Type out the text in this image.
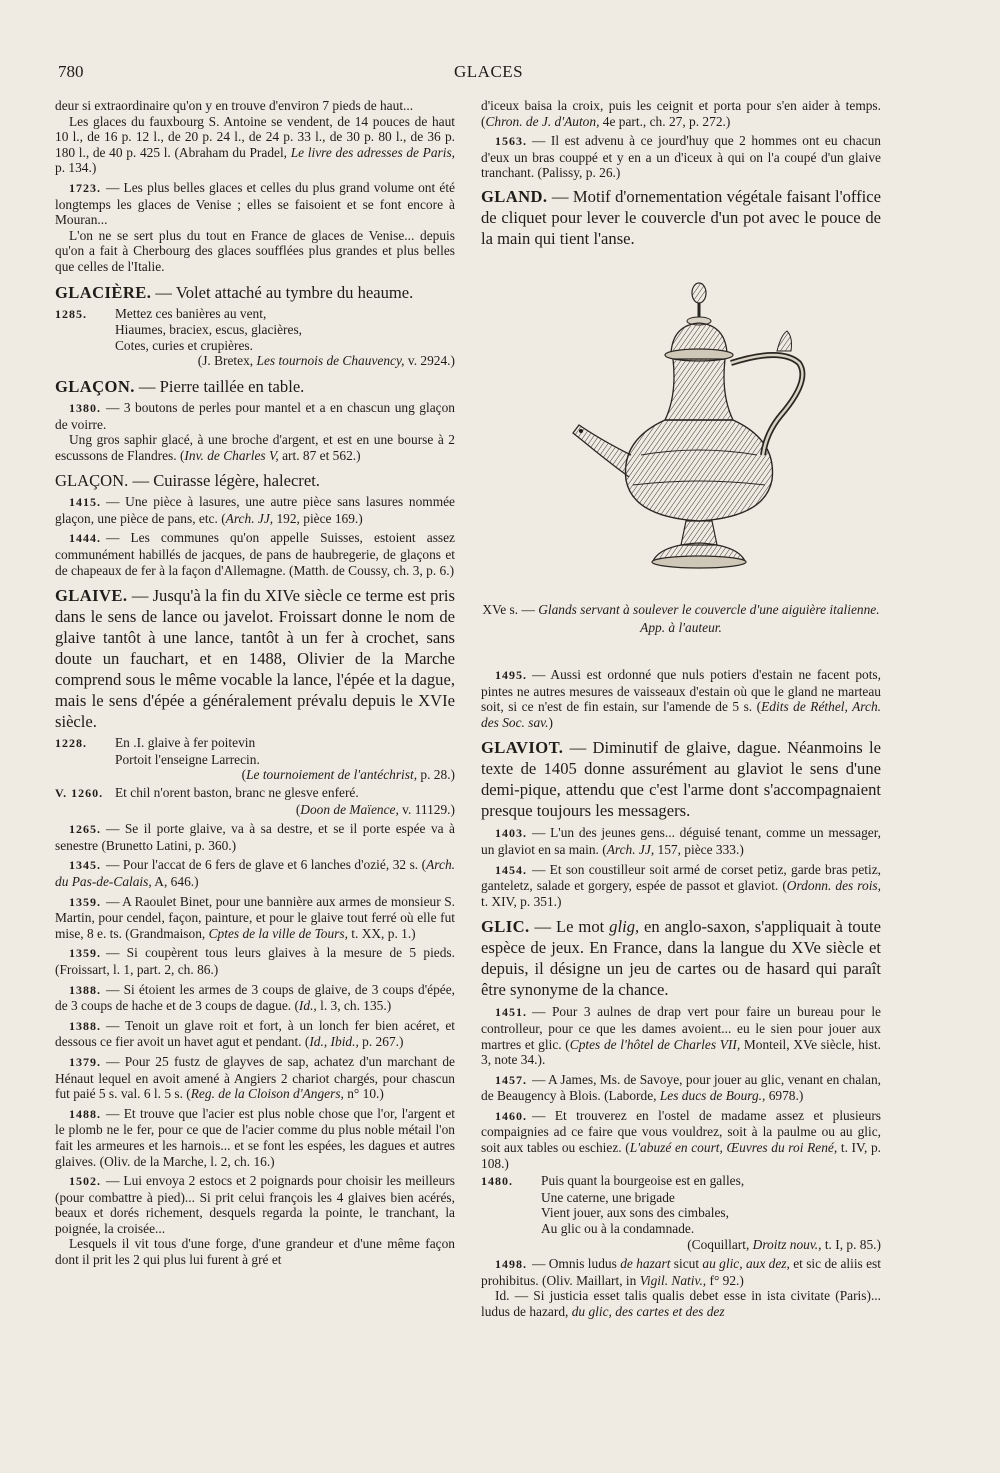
780	GLACES

deur si extraordinaire qu'on y en trouve d'environ 7 pieds de haut...

Les glaces du fauxbourg S. Antoine se vendent, de 14 pouces de haut 10 l., de 16 p. 12 l., de 20 p. 24 l., de 24 p. 33 l., de 30 p. 80 l., de 36 p. 180 l., de 40 p. 425 l. (Abraham du Pradel, Le livre des adresses de Paris, p. 134.)

1723. — Les plus belles glaces et celles du plus grand volume ont été longtemps les glaces de Venise ; elles se faisoient et se font encore à Mouran...

L'on ne se sert plus du tout en France de glaces de Venise... depuis qu'on a fait à Cherbourg des glaces soufflées plus grandes et plus belles que celles de l'Italie.

GLACIÈRE. — Volet attaché au tymbre du heaume.

1285. Mettez ces banières au vent,
Hiaumes, braciex, escus, glacières,
Cotes, curies et crupières.
(J. Bretex, Les tournois de Chauvency, v. 2924.)

GLAÇON. — Pierre taillée en table.

1380. — 3 boutons de perles pour mantel et a en chascun ung glaçon de voirre.

Ung gros saphir glacé, à une broche d'argent, et est en une bourse à 2 escussons de Flandres. (Inv. de Charles V, art. 87 et 562.)

GLAÇON. — Cuirasse légère, halecret.

1415. — Une pièce à lasures, une autre pièce sans lasures nommée glaçon, une pièce de pans, etc. (Arch. JJ, 192, pièce 169.)

1444. — Les communes qu'on appelle Suisses, estoient assez communément habillés de jacques, de pans de haubregerie, de glaçons et de chapeaux de fer à la façon d'Allemagne. (Matth. de Coussy, ch. 3, p. 6.)

GLAIVE. — Jusqu'à la fin du XIVe siècle ce terme est pris dans le sens de lance ou javelot. Froissart donne le nom de glaive tantôt à une lance, tantôt à un fer à crochet, sans doute un fauchart, et en 1488, Olivier de la Marche comprend sous le même vocable la lance, l'épée et la dague, mais le sens d'épée a généralement prévalu depuis le XVIe siècle.

1228. En .I. glaive à fer poitevin
Portoit l'enseigne Larrecin.
(Le tournoiement de l'antéchrist, p. 28.)
V. 1260. Et chil n'orent baston, branc ne glesve enferé.
(Doon de Maïence, v. 11129.)

1265. — Se il porte glaive, va à sa destre, et se il porte espée va à senestre (Brunetto Latini, p. 360.)

1345. — Pour l'accat de 6 fers de glave et 6 lanches d'ozié, 32 s. (Arch. du Pas-de-Calais, A, 646.)

1359. — A Raoulet Binet, pour une bannière aux armes de monsieur S. Martin, pour cendel, façon, painture, et pour le glaive tout ferré où elle fut mise, 8 e. ts. (Grandmaison, Cptes de la ville de Tours, t. XX, p. 1.)

1359. — Si coupèrent tous leurs glaives à la mesure de 5 pieds. (Froissart, l. 1, part. 2, ch. 86.)

1388. — Si étoient les armes de 3 coups de glaive, de 3 coups d'épée, de 3 coups de hache et de 3 coups de dague. (Id., l. 3, ch. 135.)

1388. — Tenoit un glave roit et fort, à un lonch fer bien acéret, et dessous ce fier avoit un havet agut et pendant. (Id., Ibid., p. 267.)

1379. — Pour 25 fustz de glayves de sap, achatez d'un marchant de Hénaut lequel en avoit amené à Angiers 2 chariot chargés, pour chascun fut paié 5 s. val. 6 l. 5 s. (Reg. de la Cloison d'Angers, n° 10.)

1488. — Et trouve que l'acier est plus noble chose que l'or, l'argent et le plomb ne le fer, pour ce que de l'acier comme du plus noble métail l'on fait les armeures et les harnois... et se font les espées, les dagues et autres glaives. (Oliv. de la Marche, l. 2, ch. 16.)

1502. — Lui envoya 2 estocs et 2 poignards pour choisir les meilleurs (pour combattre à pied)... Si prit celui françois les 4 glaives bien acérés, beaux et dorés richement, desquels regarda la pointe, le tranchant, la poignée, la croisée...

Lesquels il vit tous d'une forge, d'une grandeur et d'une même façon dont il prit les 2 qui plus lui furent à gré et

d'iceux baisa la croix, puis les ceignit et porta pour s'en aider à temps. (Chron. de J. d'Auton, 4e part., ch. 27, p. 272.)

1563. — Il est advenu à ce jourd'huy que 2 hommes ont eu chacun d'eux un bras couppé et y en a un d'iceux à qui on l'a coupé d'un glaive tranchant. (Palissy, p. 26.)

GLAND. — Motif d'ornementation végétale faisant l'office de cliquet pour lever le couvercle d'un pot avec le pouce de la main qui tient l'anse.

XVe s. — Glands servant à soulever le couvercle d'une aiguière italienne. App. à l'auteur.

1495. — Aussi est ordonné que nuls potiers d'estain ne facent pots, pintes ne autres mesures de vaisseaux d'estain où que le gland ne marteau soit, si ce n'est de fin estain, sur l'amende de 5 s. (Edits de Réthel, Arch. des Soc. sav.)

GLAVIOT. — Diminutif de glaive, dague. Néanmoins le texte de 1405 donne assurément au glaviot le sens d'une demi-pique, attendu que c'est l'arme dont s'accompagnaient presque toujours les messagers.

1403. — L'un des jeunes gens... déguisé tenant, comme un messager, un glaviot en sa main. (Arch. JJ, 157, pièce 333.)

1454. — Et son coustilleur soit armé de corset petiz, garde bras petiz, ganteletz, salade et gorgery, espée de passot et glaviot. (Ordonn. des rois, t. XIV, p. 351.)

GLIC. — Le mot glig, en anglo-saxon, s'appliquait à toute espèce de jeux. En France, dans la langue du XVe siècle et depuis, il désigne un jeu de cartes ou de hasard qui paraît être synonyme de la chance.

1451. — Pour 3 aulnes de drap vert pour faire un bureau pour le controlleur, pour ce que les dames avoient... eu le sien pour jouer aux martres et glic. (Cptes de l'hôtel de Charles VII, Monteil, XVe siècle, hist. 3, note 34.).

1457. — A James, Ms. de Savoye, pour jouer au glic, venant en chalan, de Beaugency à Blois. (Laborde, Les ducs de Bourg., 6978.)

1460. — Et trouverez en l'ostel de madame assez et plusieurs compaignies ad ce faire que vous vouldrez, soit à la paulme ou au glic, soit aux tables ou eschiez. (L'abuzé en court, Œuvres du roi René, t. IV, p. 108.)

1480. Puis quant la bourgeoise est en galles,
Une caterne, une brigade
Vient jouer, aux sons des cimbales,
Au glic ou à la condamnade.
(Coquillart, Droitz nouv., t. I, p. 85.)

1498. — Omnis ludus de hazart sicut au glic, aux dez, et sic de aliis est prohibitus. (Oliv. Maillart, in Vigil. Nativ., f° 92.)

Id. — Si justicia esset talis qualis debet esse in ista civitate (Paris)... ludus de hazard, du glic, des cartes et des dez
